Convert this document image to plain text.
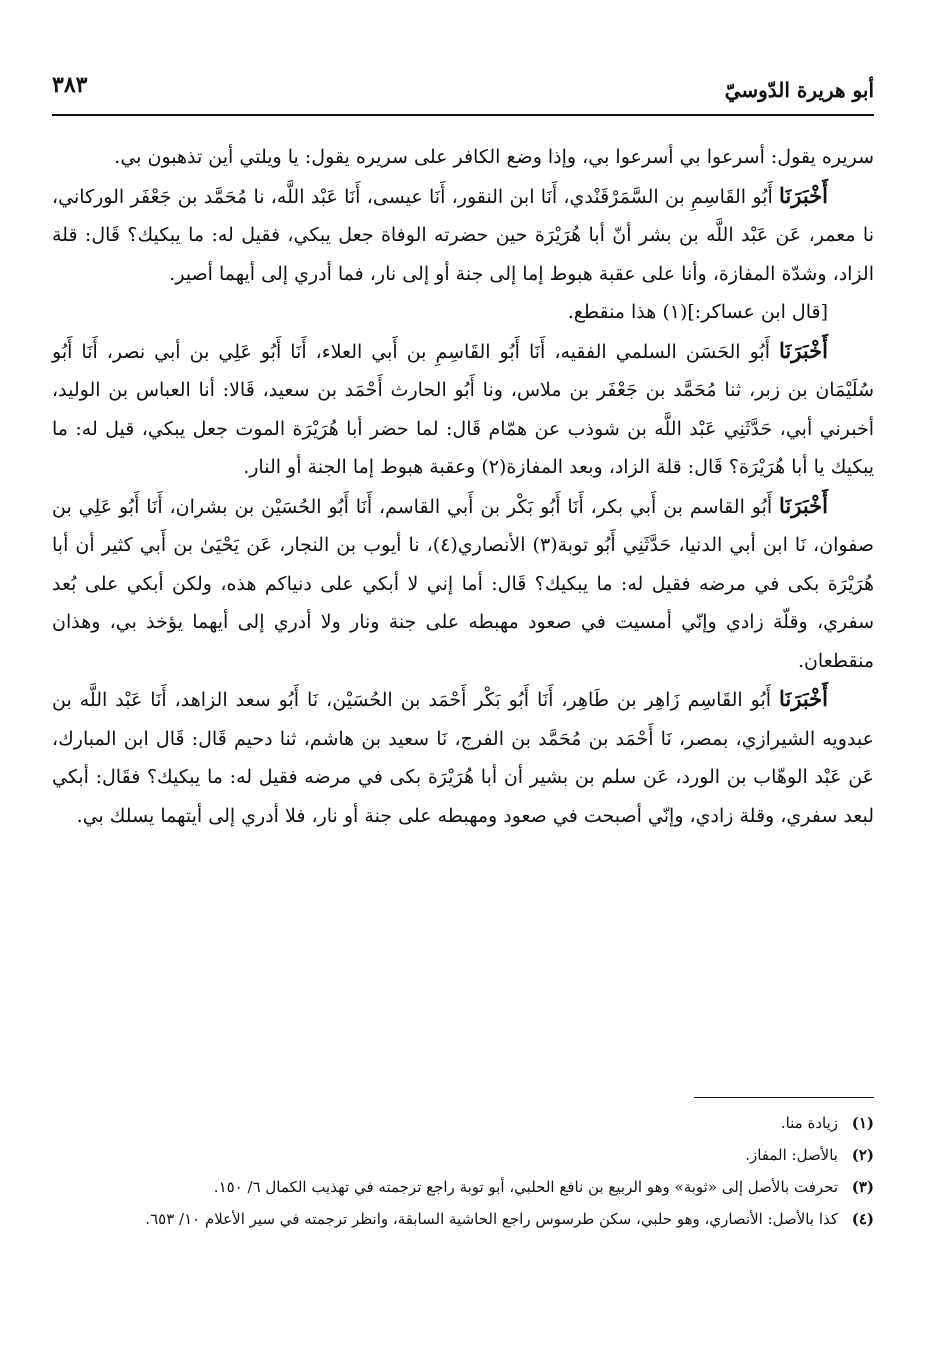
أبو هريرة الدّوسيّ
٣٨٣

سريره يقول: أسرعوا بي أسرعوا بي، وإذا وضع الكافر على سريره يقول: يا ويلتي أين تذهبون بي.

أَخْبَرَنَا أَبُو القَاسِمِ بن السَّمَرْقَنْدي، أَنَا ابن النقور، أَنَا عيسى، أَنَا عَبْد اللَّه، نا مُحَمَّد بن جَعْفَر الوركاني، نا معمر، عَن عَبْد اللَّه بن بشر أنّ أبا هُرَيْرَة حين حضرته الوفاة جعل يبكي، فقيل له: ما يبكيك؟ قَال: قلة الزاد، وشدّة المفازة، وأنا على عقبة هبوط إما إلى جنة أو إلى نار، فما أدري إلى أيهما أصير.

[قال ابن عساكر:](١) هذا منقطع.

أَخْبَرَنَا أَبُو الحَسَن السلمي الفقيه، أَنَا أَبُو القَاسِمِ بن أَبي العلاء، أَنَا أَبُو عَلِي بن أبي نصر، أَنَا أَبُو سُلَيْمَان بن زبر، ثنا مُحَمَّد بن جَعْفَر بن ملاس، ونا أَبُو الحارث أَحْمَد بن سعيد، قَالا: أنا العباس بن الوليد، أخبرني أبي، حَدَّثَنِي عَبْد اللَّه بن شوذب عن همّام قَال: لما حضر أبا هُرَيْرَة الموت جعل يبكي، قيل له: ما يبكيك يا أبا هُرَيْرَة؟ قَال: قلة الزاد، وبعد المفازة(٢) وعقبة هبوط إما الجنة أو النار.

أَخْبَرَنَا أَبُو القاسم بن أَبي بكر، أَنَا أَبُو بَكْر بن أَبي القاسم، أَنَا أَبُو الحُسَيْن بن بشران، أَنَا أَبُو عَلِي بن صفوان، نَا ابن أبي الدنيا، حَدَّثَنِي أَبُو توبة(٣) الأنصاري(٤)، نا أيوب بن النجار، عَن يَحْيَىٰ بن أَبي كثير أن أبا هُرَيْرَة بكى في مرضه فقيل له: ما يبكيك؟ قَال: أما إني لا أبكي على دنياكم هذه، ولكن أبكي على بُعد سفري، وقلّة زادي وإنّي أمسيت في صعود مهبطه على جنة ونار ولا أدري إلى أيهما يؤخذ بي، وهذان منقطعان.

أَخْبَرَنَا أَبُو القَاسِم زَاهِر بن طَاهِر، أَنَا أَبُو بَكْر أَحْمَد بن الحُسَيْن، نَا أَبُو سعد الزاهد، أَنَا عَبْد اللَّه بن عبدويه الشيرازي، بمصر، نَا أَحْمَد بن مُحَمَّد بن الفرج، نَا سعيد بن هاشم، ثنا دحيم قَال: قَال ابن المبارك، عَن عَبْد الوهّاب بن الورد، عَن سلم بن بشير أن أبا هُرَيْرَة بكى في مرضه فقيل له: ما يبكيك؟ فقَال: أبكي لبعد سفري، وقلة زادي، وإنّي أصبحت في صعود ومهبطه على جنة أو نار، فلا أدري إلى أيتهما يسلك بي.

(١)
زيادة منا.
(٢)
بالأصل: المفاز.
(٣)
تحرفت بالأصل إلى «ثوبة» وهو الربيع بن نافع الحلبي، أبو توبة راجع ترجمته في تهذيب الكمال ٦/ ١٥٠.
(٤)
كذا بالأصل: الأنصاري، وهو حلبي، سكن طرسوس راجع الحاشية السابقة، وانظر ترجمته في سير الأعلام ١٠/ ٦٥٣.
